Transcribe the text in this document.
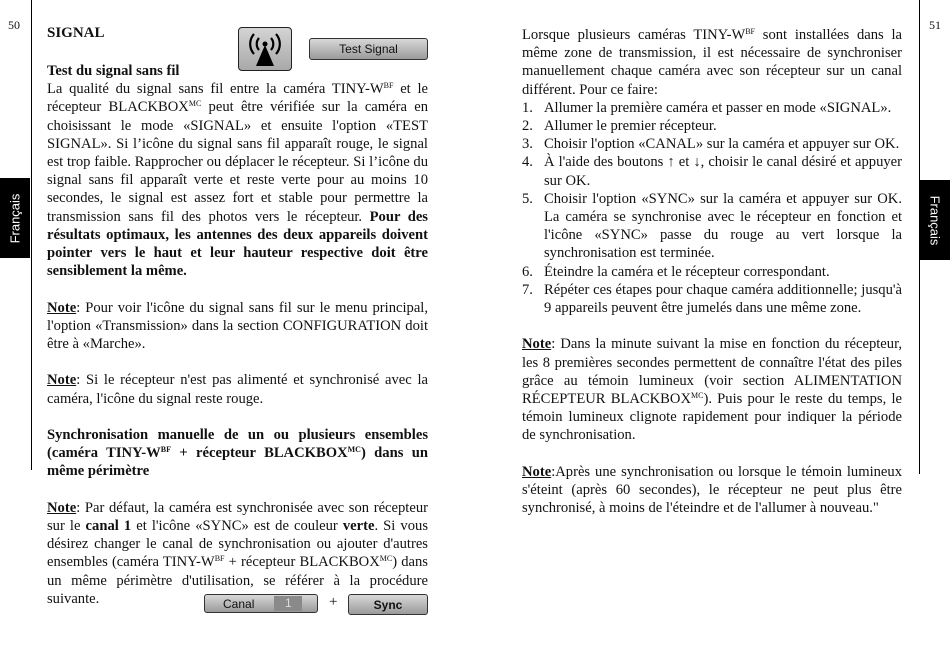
50
Français
SIGNAL
Test Signal

Test du signal sans fil

La qualité du signal sans fil entre la caméra TINY-$W^{BF}$ et le récepteur $BLACKBOX^{MC}$ peut être vérifiée sur la caméra en choisissant le mode «SIGNAL» et ensuite l'option «TEST SIGNAL». Si l’icône du signal sans fil apparaît rouge, le signal est trop faible. Rapprocher ou déplacer le récepteur. Si l’icône du signal sans fil apparaît verte et reste verte pour au moins 10 secondes, le signal est assez fort et stable pour permettre la transmission sans fil des photos vers le récepteur. Pour des résultats optimaux, les antennes des deux appareils doivent pointer vers le haut et leur hauteur respective doit être sensiblement la même.

Note: Pour voir l'icône du signal sans fil sur le menu principal, l'option «Transmission» dans la section CONFIGURATION doit être à «Marche».

Note: Si le récepteur n'est pas alimenté et synchronisé avec la caméra, l'icône du signal reste rouge.

Synchronisation manuelle de un ou plusieurs ensembles (caméra TINY-$W^{BF}$ + récepteur $BLACKBOX^{MC}$) dans un même périmètre

Note: Par défaut, la caméra est synchronisée avec son récepteur sur le canal 1 et l'icône «SYNC» est de couleur verte. Si vous désirez changer le canal de synchronisation ou ajouter d'autres ensembles (caméra TINY-$W^{BF}$ + récepteur $BLACKBOX^{MC}$) dans un même périmètre d'utilisation, se référer à la procédure suivante.	Canal	1	+	Sync
51
Français

Lorsque plusieurs caméras TINY-$W^{BF}$ sont installées dans la même zone de transmission, il est nécessaire de synchroniser manuellement chaque caméra avec son récepteur sur un canal différent. Pour ce faire:

1. Allumer la première caméra et passer en mode «SIGNAL».
2. Allumer le premier récepteur.
3. Choisir l'option «CANAL» sur la caméra et appuyer sur OK.
4. À l'aide des boutons ↑ et ↓, choisir le canal désiré et appuyer sur OK.
5. Choisir l'option «SYNC» sur la caméra et appuyer sur OK. La caméra se synchronise avec le récepteur en fonction et l'icône «SYNC» passe du rouge au vert lorsque la synchronisation est terminée.
6. Éteindre la caméra et le récepteur correspondant.
7. Répéter ces étapes pour chaque caméra additionnelle; jusqu'à 9 appareils peuvent être jumelés dans une même zone.

Note: Dans la minute suivant la mise en fonction du récepteur, les 8 premières secondes permettent de connaître l'état des piles grâce au témoin lumineux (voir section ALIMENTATION RÉCEPTEUR $BLACKBOX^{MC}$). Puis pour le reste du temps, le témoin lumineux clignote rapidement pour indiquer la période de synchronisation.

Note:Après une synchronisation ou lorsque le témoin lumineux s'éteint (après 60 secondes), le récepteur ne peut plus être synchronisé, à moins de l'éteindre et de l'allumer à nouveau."
